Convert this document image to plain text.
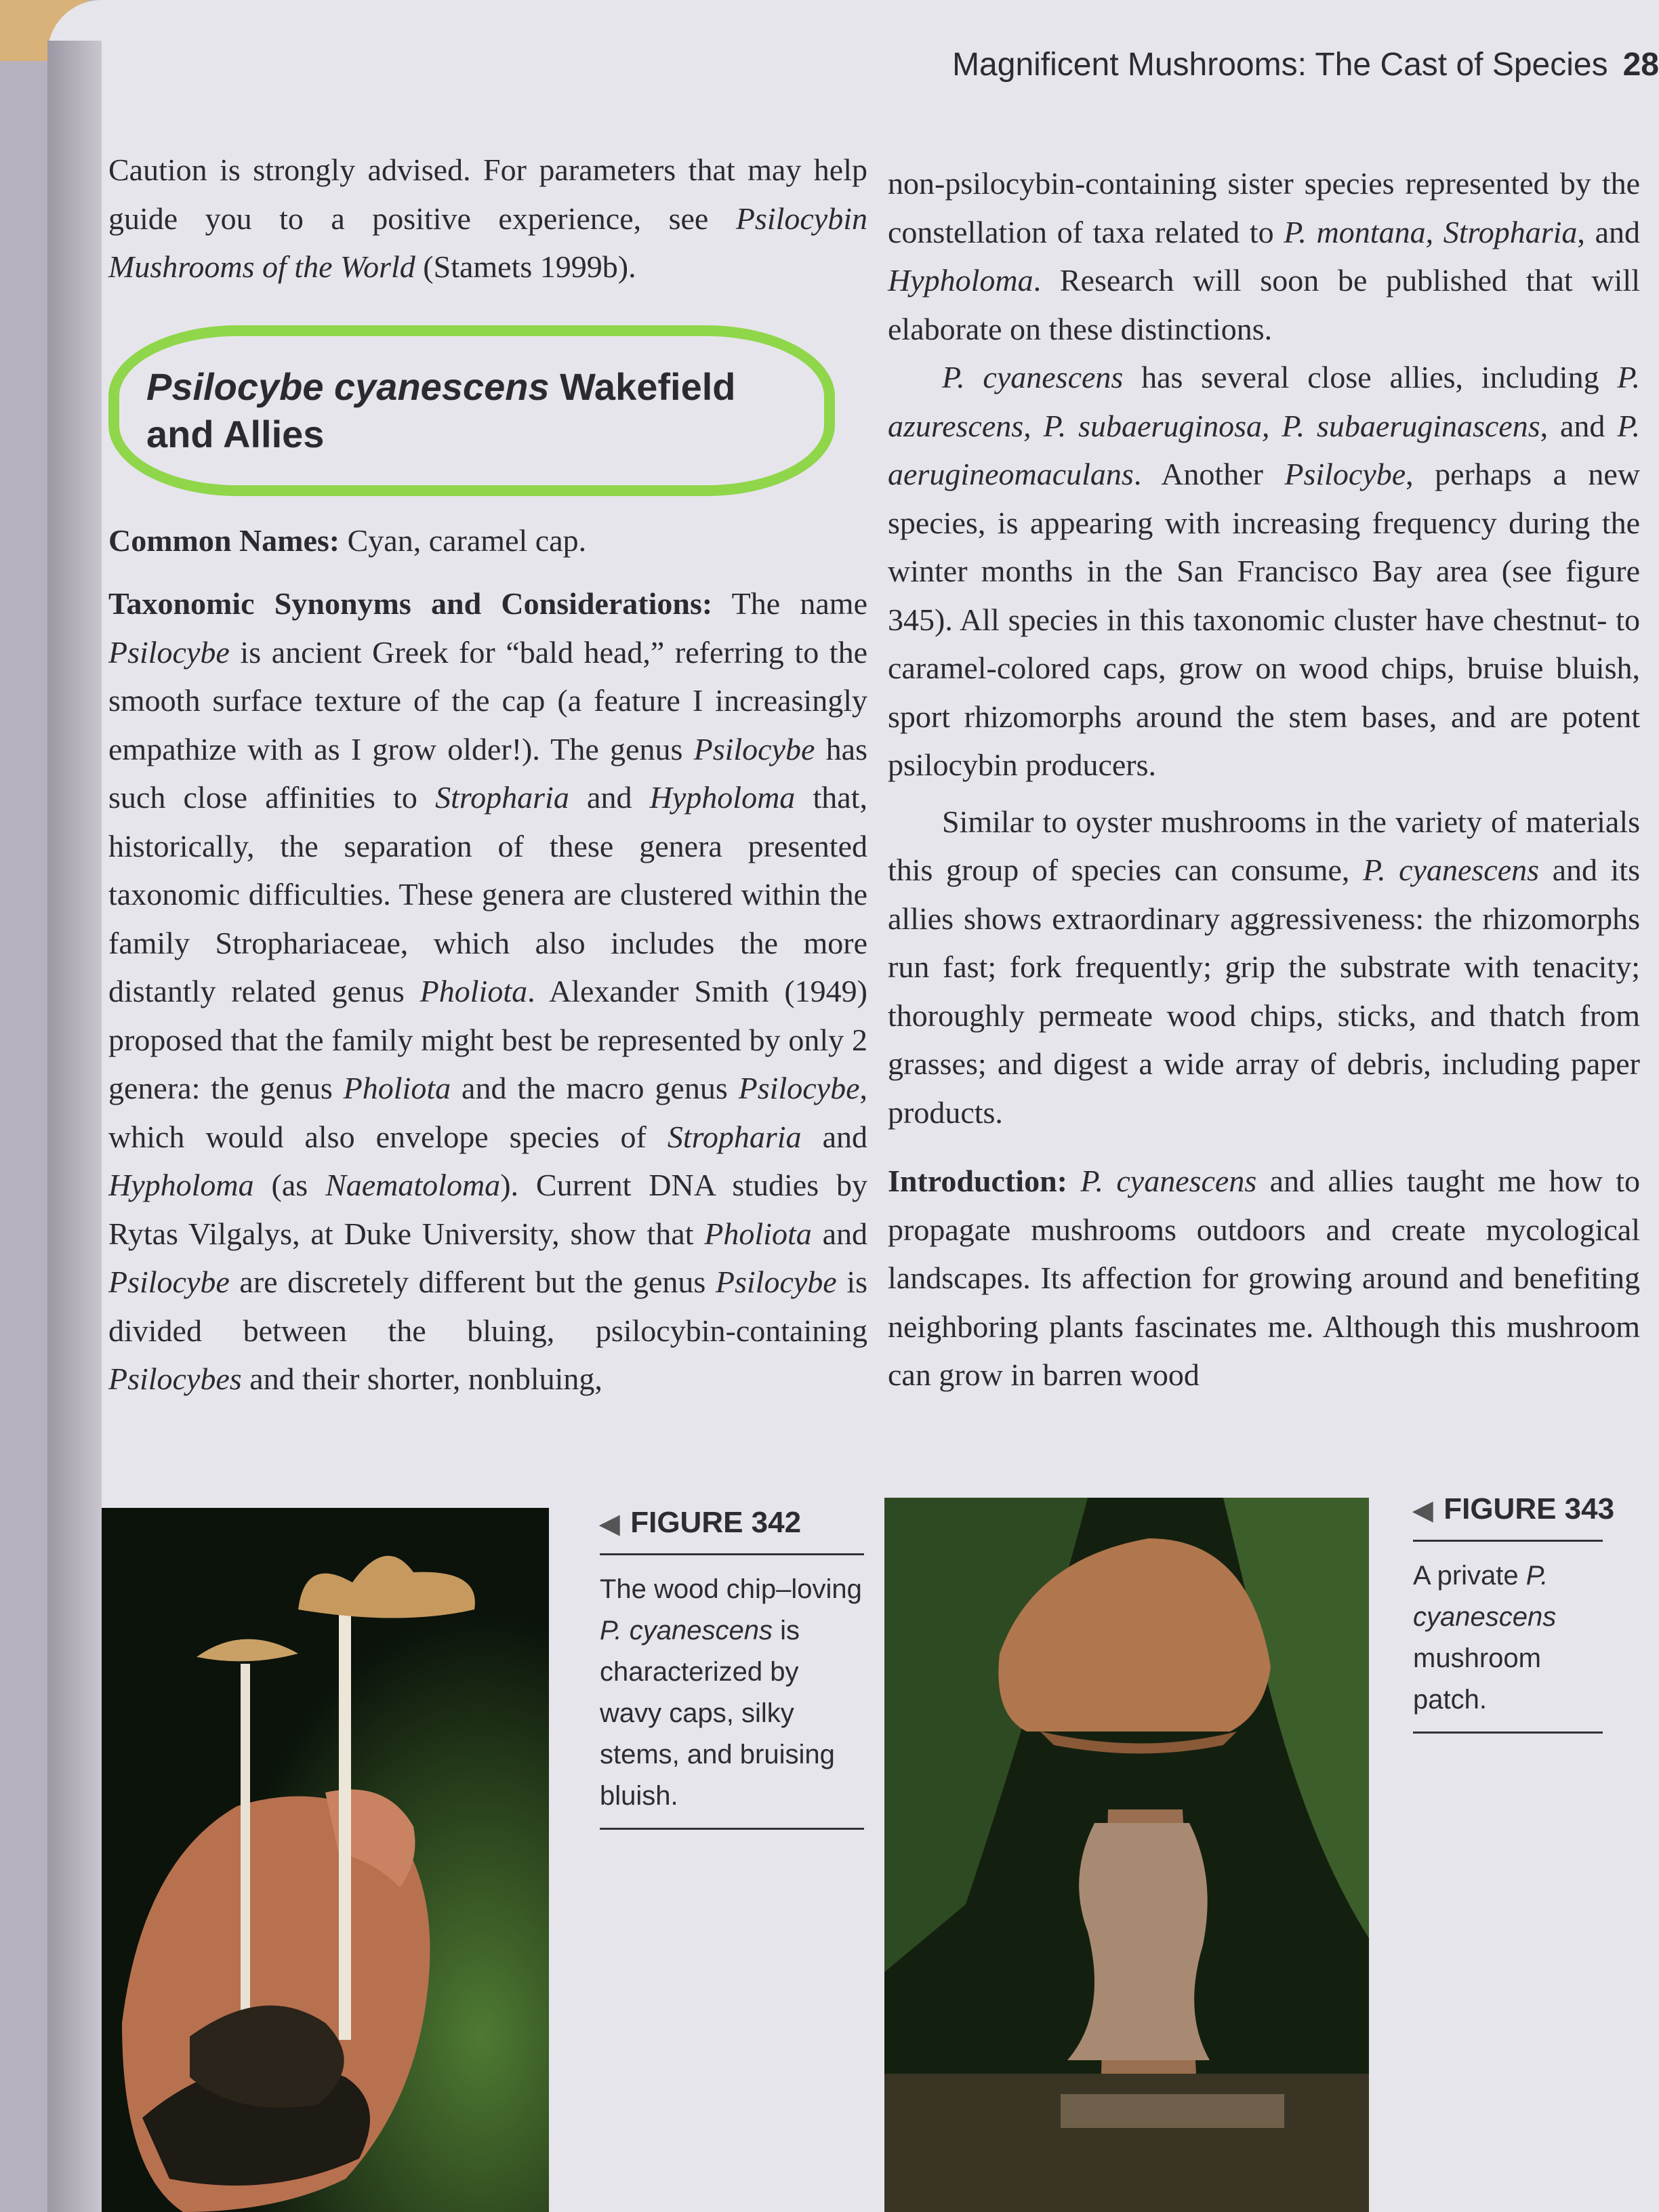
Magnificent Mushrooms: The Cast of Species 28

Caution is strongly advised. For parameters that may help guide you to a positive experience, see Psilocybin Mushrooms of the World (Stamets 1999b).

Psilocybe cyanescens Wakefield and Allies

Common Names: Cyan, caramel cap.

Taxonomic Synonyms and Considerations: The name Psilocybe is ancient Greek for “bald head,” referring to the smooth surface texture of the cap (a feature I increasingly empathize with as I grow older!). The genus Psilocybe has such close affinities to Stropharia and Hypholoma that, historically, the separation of these genera presented taxonomic difficulties. These genera are clustered within the family Strophariaceae, which also includes the more distantly related genus Pholiota. Alexander Smith (1949) proposed that the family might best be represented by only 2 genera: the genus Pholiota and the macro genus Psilocybe, which would also envelope species of Stropharia and Hypholoma (as Naematoloma). Current DNA studies by Rytas Vilgalys, at Duke University, show that Pholiota and Psilocybe are discretely different but the genus Psilocybe is divided between the bluing, psilocybin-containing Psilocybes and their shorter, nonbluing,

non-psilocybin-containing sister species represented by the constellation of taxa related to P. montana, Stropharia, and Hypholoma. Research will soon be published that will elaborate on these distinctions.

P. cyanescens has several close allies, including P. azurescens, P. subaeruginosa, P. subaeruginascens, and P. aerugineomaculans. Another Psilocybe, perhaps a new species, is appearing with increasing frequency during the winter months in the San Francisco Bay area (see figure 345). All species in this taxonomic cluster have chestnut- to caramel-colored caps, grow on wood chips, bruise bluish, sport rhizomorphs around the stem bases, and are potent psilocybin producers.

Similar to oyster mushrooms in the variety of materials this group of species can consume, P. cyanescens and its allies shows extraordinary aggressiveness: the rhizomorphs run fast; fork frequently; grip the substrate with tenacity; thoroughly permeate wood chips, sticks, and thatch from grasses; and digest a wide array of debris, including paper products.

Introduction: P. cyanescens and allies taught me how to propagate mushrooms outdoors and create mycological landscapes. Its affection for growing around and benefiting neighboring plants fascinates me. Although this mushroom can grow in barren wood

◀ FIGURE 342
The wood chip–loving P. cyanescens is characterized by wavy caps, silky stems, and bruising bluish.
◀ FIGURE 343
A private P. cyanescens mushroom patch.
